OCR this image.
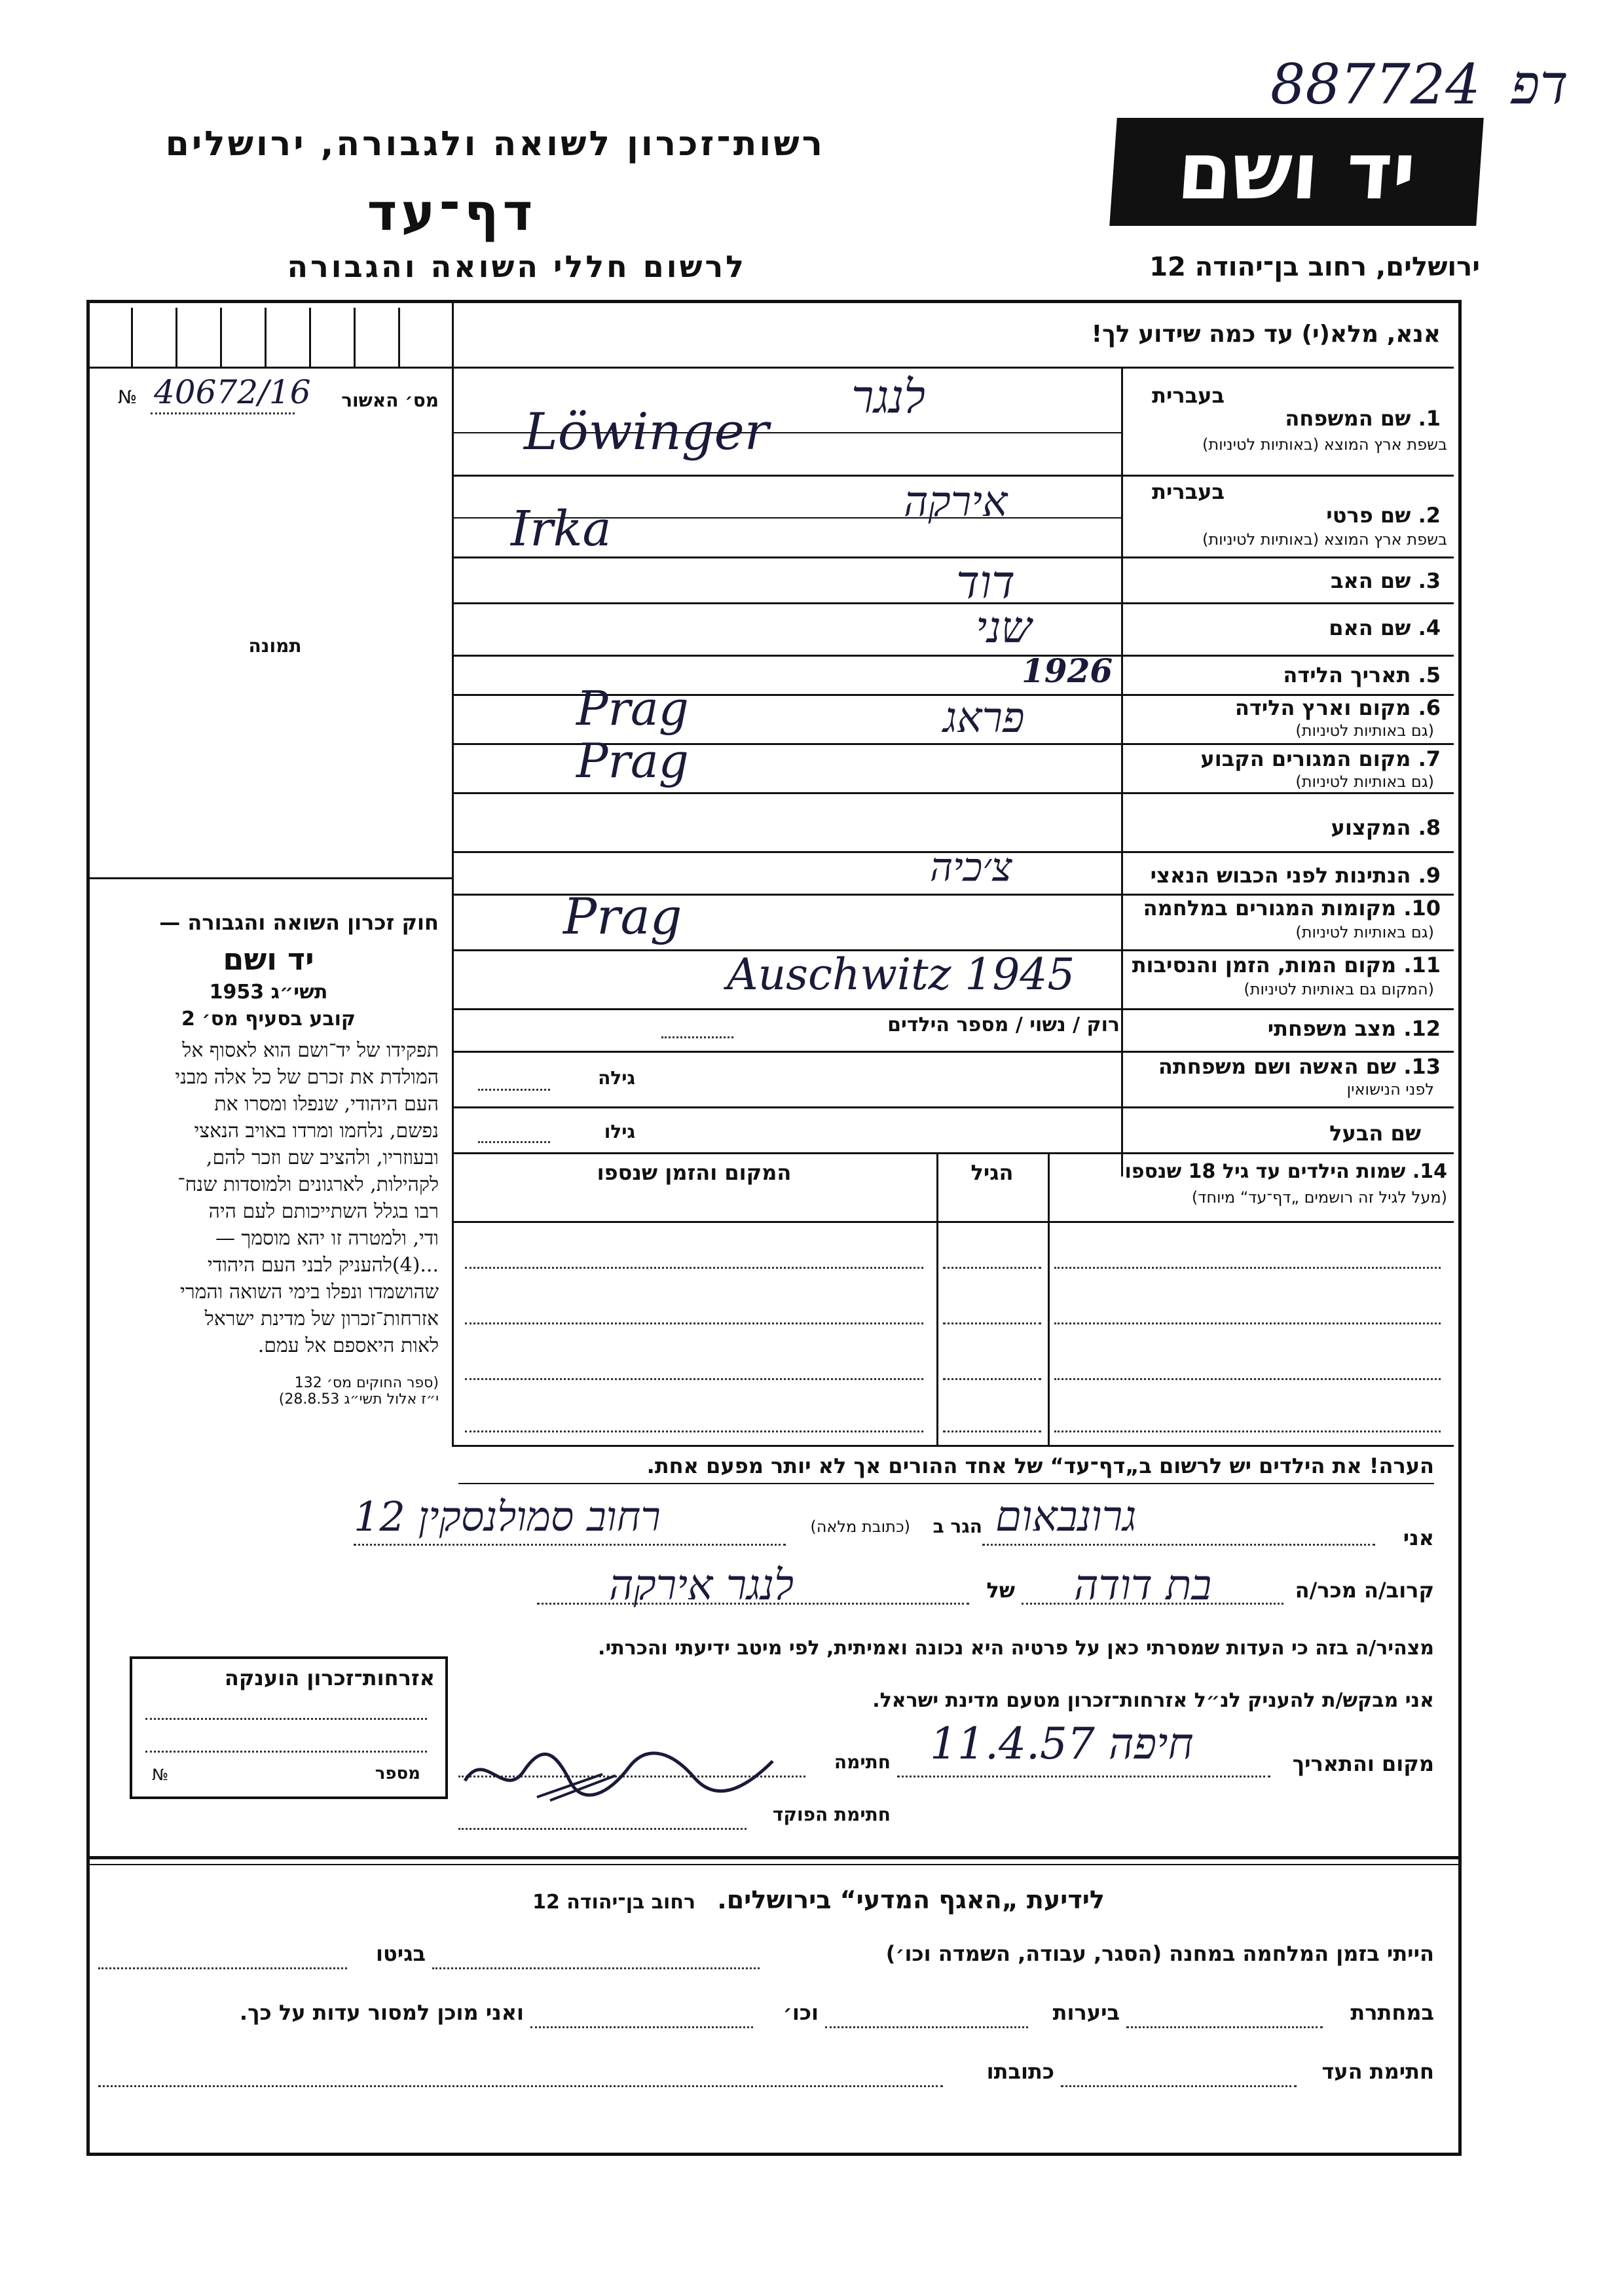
887724 דפ
רשות־זכרון לשואה ולגבורה, ירושלים	יד ושם
דף־עד
לרשום חללי השואה והגבורה	ירושלים, רחוב בן־יהודה 12
אנא, מלא(י) עד כמה שידוע לך!
№ 40672/16	מס׳ האשור
תמונה
חוק זכרון השואה והגבורה —
יד ושם
תשי״ג 1953
קובע בסעיף מס׳ 2
תפקידו של יד־ושם הוא לאסוף אל
המולדת את זכרם של כל אלה מבני
העם היהודי, שנפלו ומסרו את
נפשם, נלחמו ומרדו באויב הנאצי
ובעוזריו, ולהציב שם וזכר להם,
לקהילות, לארגונים ולמוסדות שנח־
רבו בגלל השתייכותם לעם היה
ודי, ולמטרה זו יהא מוסמך —
...(4)להעניק לבני העם היהודי
שהושמדו ונפלו בימי השואה והמרי
אזרחות־זכרון של מדינת ישראל
לאות היאספם אל עמם.
(ספר החוקים מס׳ 132
י״ז אלול תשי״ג 28.8.53)
בעברית
1. שם המשפחה
בשפת ארץ המוצא (באותיות לטיניות)
לנגר
Löwinger
בעברית
2. שם פרטי
בשפת ארץ המוצא (באותיות לטיניות)
אירקה
Irka
3. שם האב
דוד
4. שם האם
שני
5. תאריך הלידה
1926
6. מקום וארץ הלידה
(גם באותיות לטיניות)
פראג
Prag
7. מקום המגורים הקבוע
(גם באותיות לטיניות)
Prag
8. המקצוע
9. הנתינות לפני הכבוש הנאצי
צ׳כיה
10. מקומות המגורים במלחמה
(גם באותיות לטיניות)
Prag
11. מקום המות, הזמן והנסיבות
(המקום גם באותיות לטיניות)
Auschwitz 1945
12. מצב משפחתי
רוק / נשוי / מספר הילדים
13. שם האשה ושם משפחתה
לפני הנישואין
גילה
שם הבעל
גילו
14. שמות הילדים עד גיל 18 שנספו
(מעל לגיל זה רושמים „דף־עד“ מיוחד)
הגיל
המקום והזמן שנספו
הערה! את הילדים יש לרשום ב„דף־עד“ של אחד ההורים אך לא יותר מפעם אחת.
אני
גרונבאום
הגר ב
(כתובת מלאה)
רחוב סמולנסקין 12
קרוב/ה מכר/ה
בת דודה
של
לנגר אירקה
מצהיר/ה בזה כי העדות שמסרתי כאן על פרטיה היא נכונה ואמיתית, לפי מיטב ידיעתי והכרתי.
אני מבקש/ת להעניק לנ״ל אזרחות־זכרון מטעם מדינת ישראל.
מקום והתאריך
חיפה 11.4.57
חתימה
חתימת הפוקד
אזרחות־זכרון הוענקה
№	מספר
לידיעת „האגף המדעי“ בירושלים. רחוב בן־יהודה 12
הייתי בזמן המלחמה במחנה (הסגר, עבודה, השמדה וכו׳)
בגיטו
במחתרת
ביערות
וכו׳
ואני מוכן למסור עדות על כך.
חתימת העד
כתובתו
